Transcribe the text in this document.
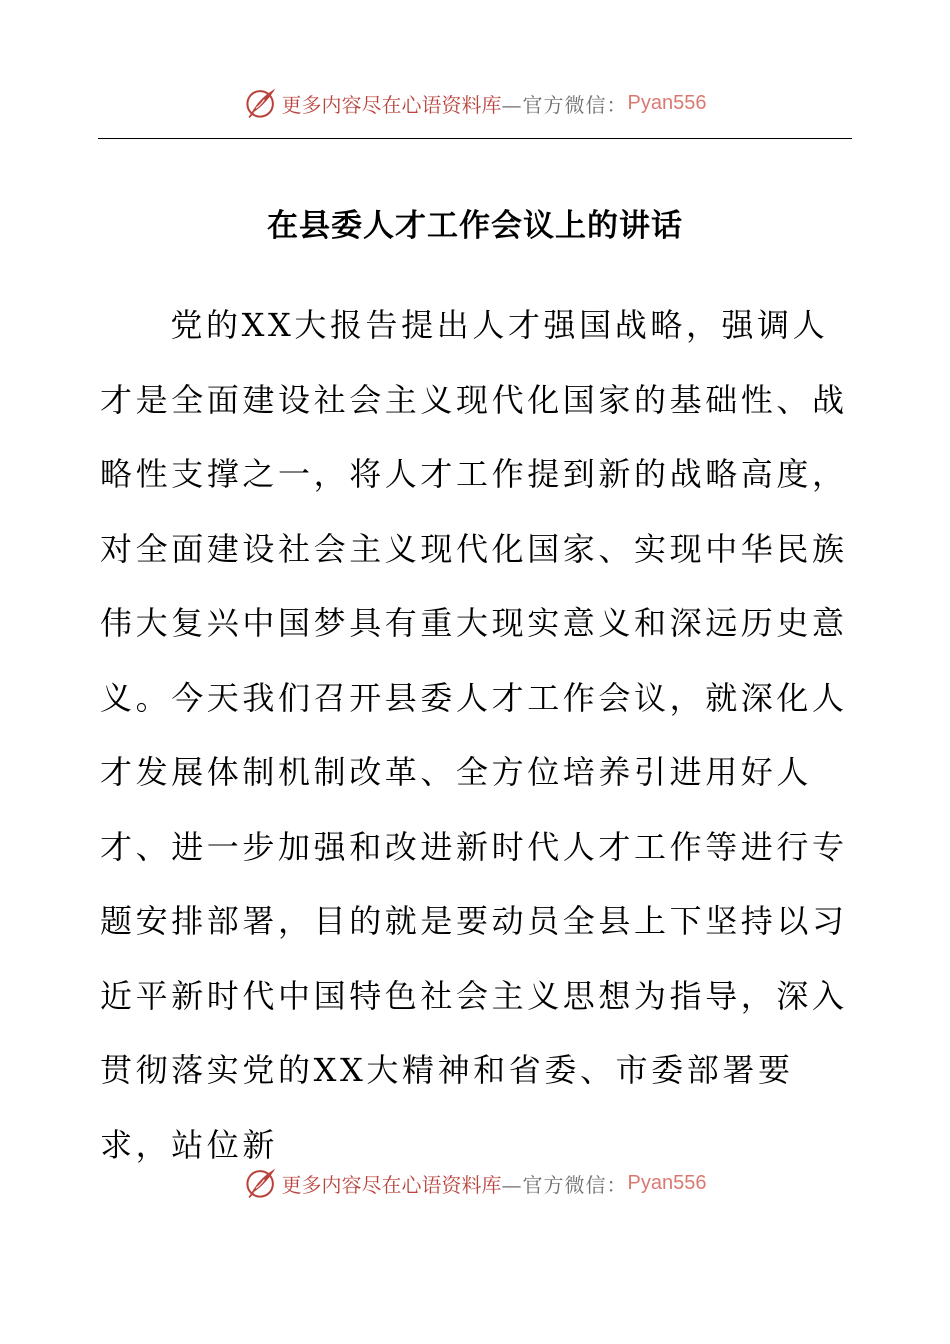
更多内容尽在心语资料库 —官方微信： Pyan556
在县委人才工作会议上的讲话

党的XX大报告提出人才强国战略，强调人才是全面建设社会主义现代化国家的基础性、战略性支撑之一，将人才工作提到新的战略高度，对全面建设社会主义现代化国家、实现中华民族伟大复兴中国梦具有重大现实意义和深远历史意义。今天我们召开县委人才工作会议，就深化人才发展体制机制改革、全方位培养引进用好人才、进一步加强和改进新时代人才工作等进行专题安排部署，目的就是要动员全县上下坚持以习近平新时代中国特色社会主义思想为指导，深入贯彻落实党的XX大精神和省委、市委部署要求，站位新

更多内容尽在心语资料库 —官方微信： Pyan556
